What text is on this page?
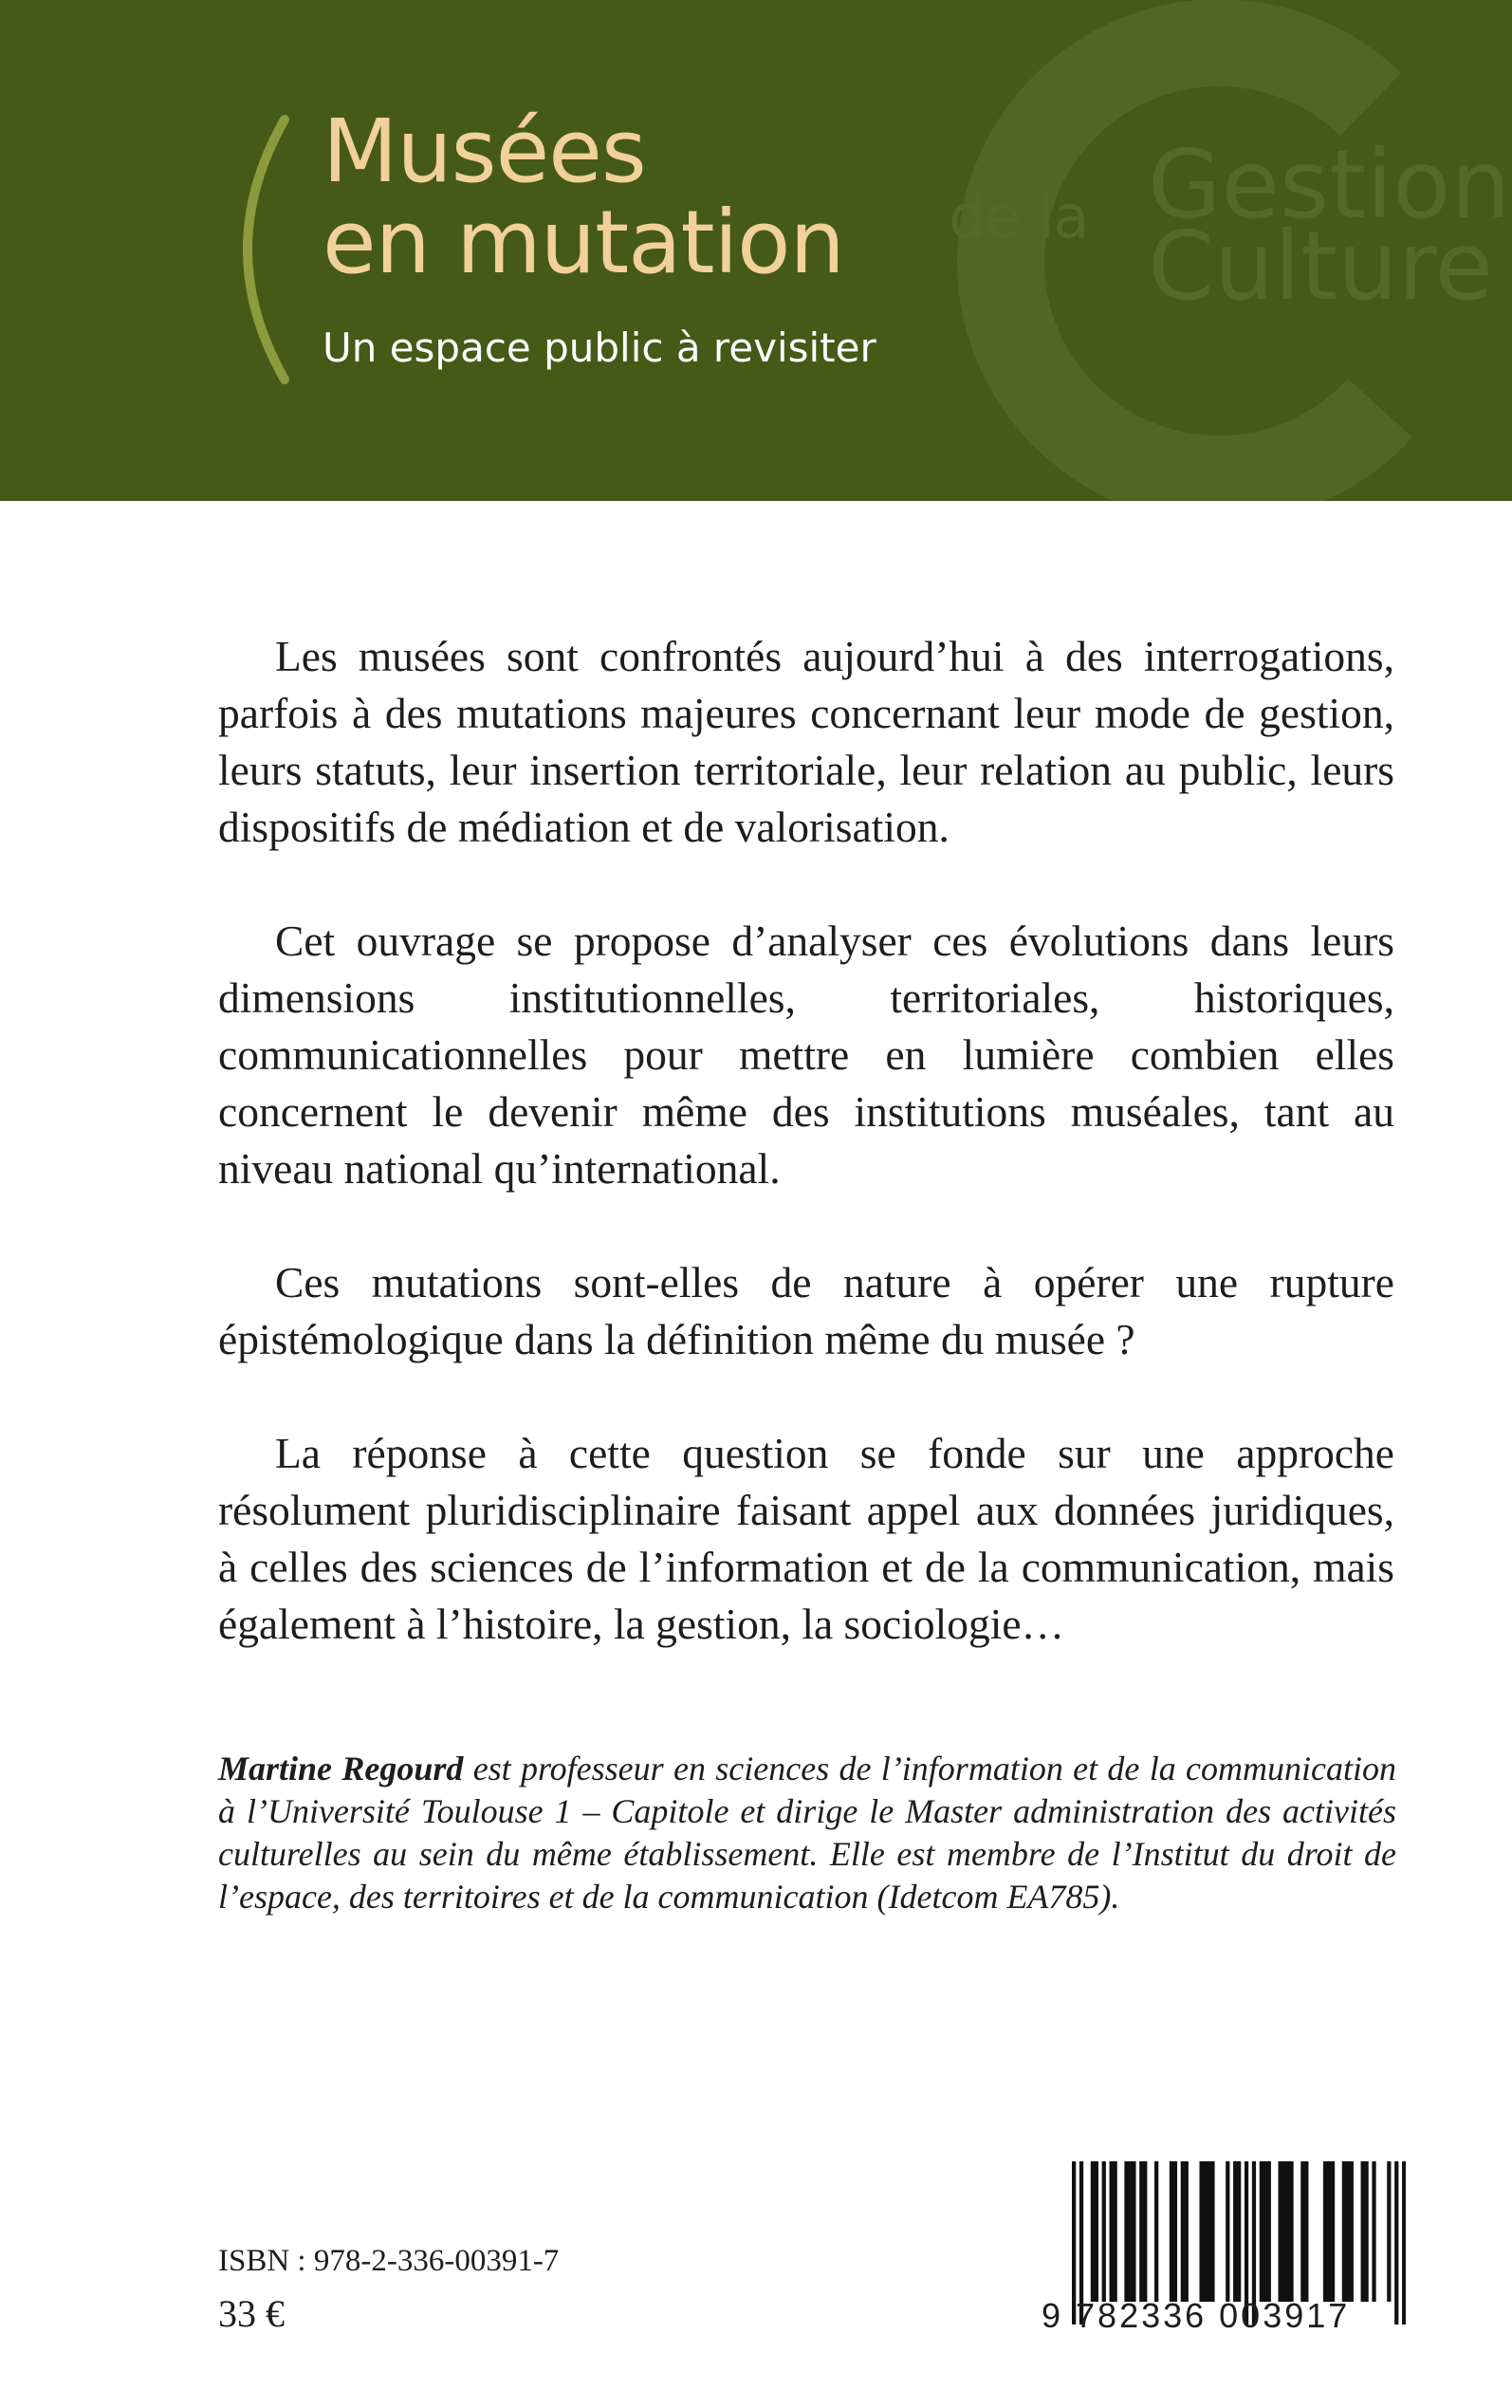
de la Gestion
Culture
Musées
en mutation
Un espace public à revisiter

Les musées sont confrontés aujourd’hui à des interrogations, parfois à des mutations majeures concernant leur mode de gestion, leurs statuts, leur insertion territoriale, leur relation au public, leurs dispositifs de médiation et de valorisation.

Cet ouvrage se propose d’analyser ces évolutions dans leurs dimensions institutionnelles, territoriales, historiques, communicationnelles pour mettre en lumière combien elles concernent le devenir même des institutions muséales, tant au niveau national qu’international.

Ces mutations sont-elles de nature à opérer une rupture épistémologique dans la définition même du musée ?

La réponse à cette question se fonde sur une approche résolument pluridisciplinaire faisant appel aux données juridiques, à celles des sciences de l’information et de la communication, mais également à l’histoire, la gestion, la sociologie…

Martine Regourd est professeur en sciences de l’information et de la communication à l’Université Toulouse 1 – Capitole et dirige le Master administration des activités culturelles au sein du même établissement. Elle est membre de l’Institut du droit de l’espace, des territoires et de la communication (Idetcom EA785).

ISBN : 978-2-336-00391-7
33 €	9 782336 003917
